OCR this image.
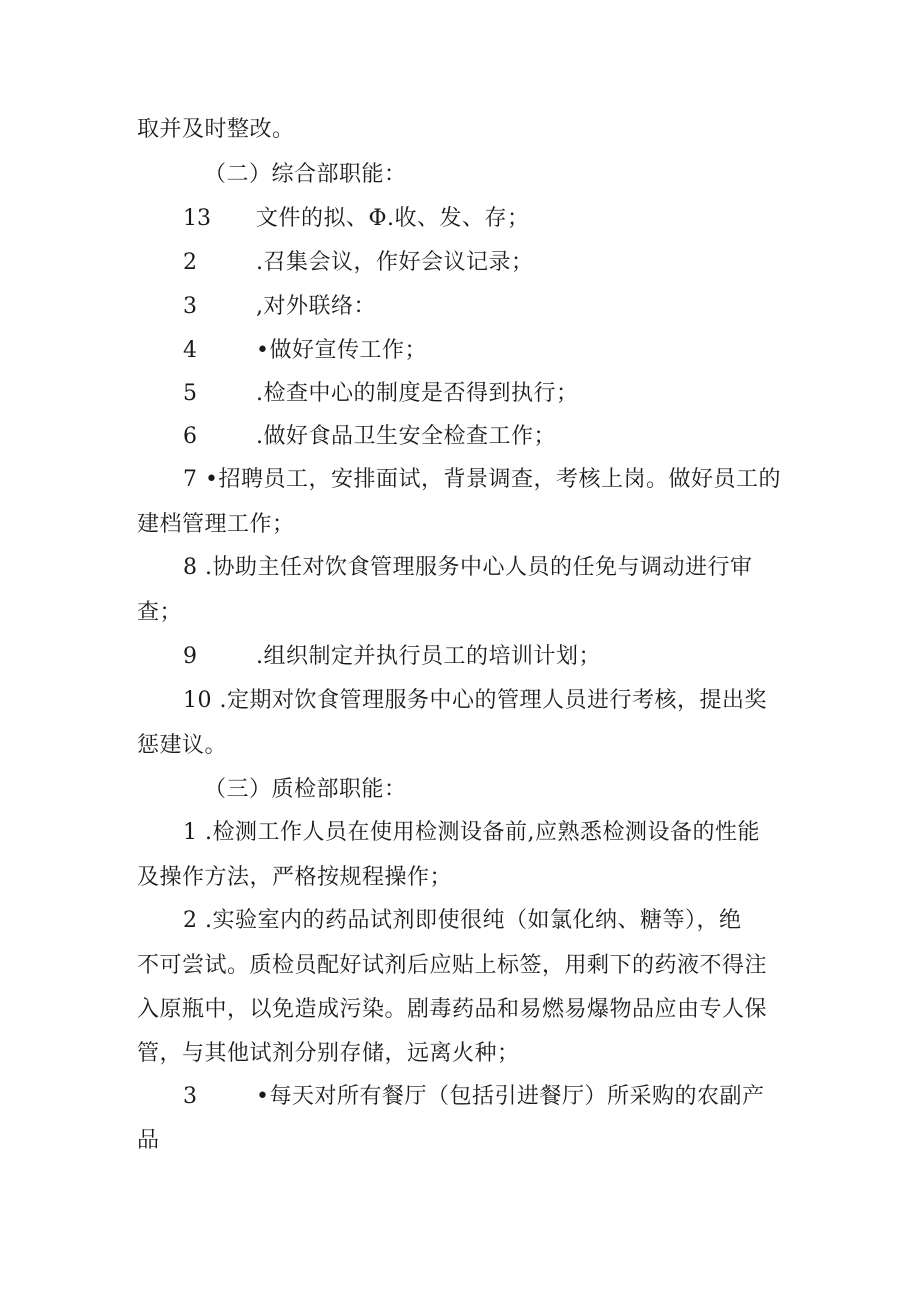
取并及时整改。
（二）综合部职能：
13 文件的拟、Φ.收、发、存；
2	.召集会议，作好会议记录；
3	,对外联络：
4	•做好宣传工作；
5	.检查中心的制度是否得到执行；
6	.做好食品卫生安全检查工作；
7 •招聘员工，安排面试，背景调查，考核上岗。做好员工的
建档管理工作；
8 .协助主任对饮食管理服务中心人员的任免与调动进行审
查；
9	.组织制定并执行员工的培训计划；
10 .定期对饮食管理服务中心的管理人员进行考核，提出奖
惩建议。
（三）质检部职能：
1 .检测工作人员在使用检测设备前,应熟悉检测设备的性能
及操作方法，严格按规程操作；
2 .实验室内的药品试剂即使很纯（如氯化纳、糖等），绝
不可尝试。质检员配好试剂后应贴上标签，用剩下的药液不得注
入原瓶中，以免造成污染。剧毒药品和易燃易爆物品应由专人保
管，与其他试剂分别存储，远离火种；
3	•每天对所有餐厅（包括引进餐厅）所采购的农副产
品
